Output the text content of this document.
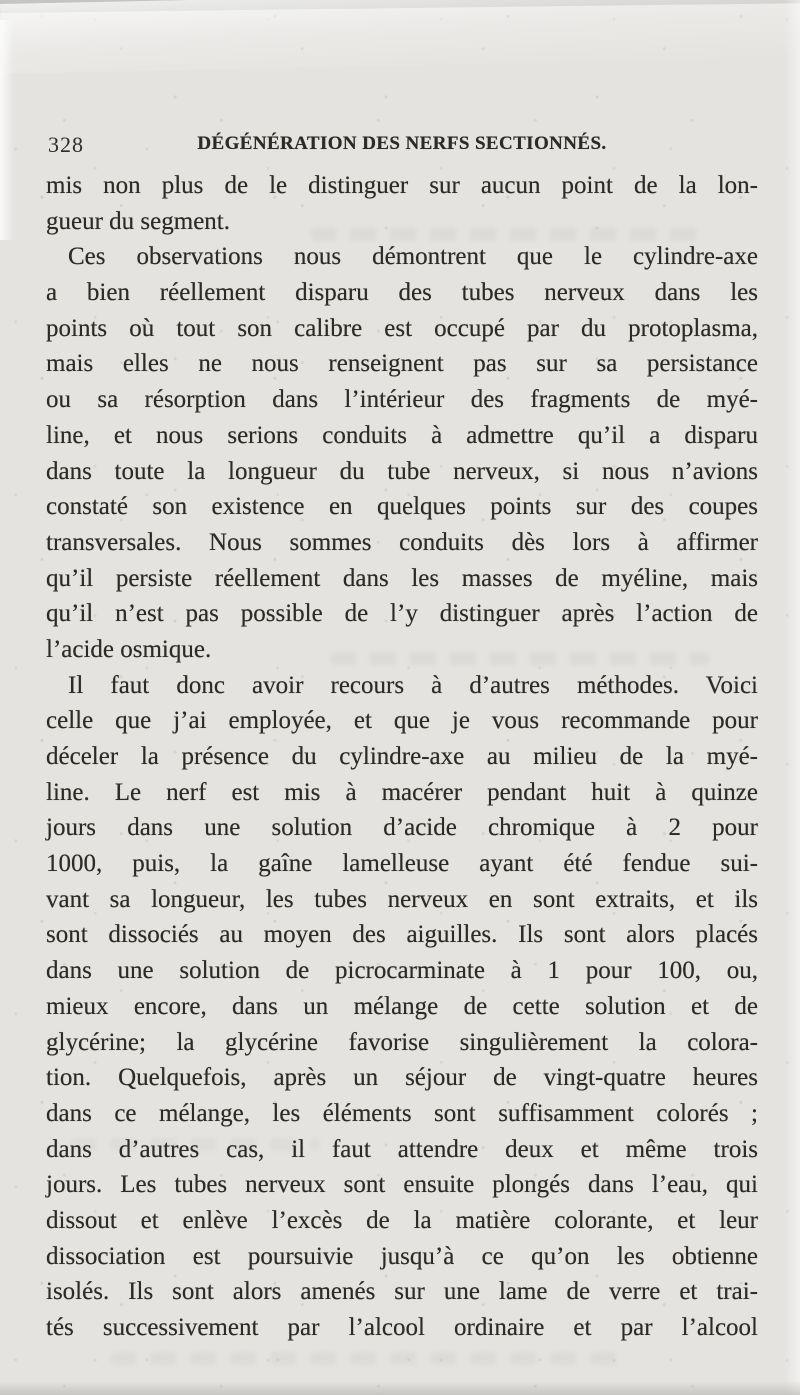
328	DÉGÉNÉRATION DES NERFS SECTIONNÉS.
mis non plus de le distinguer sur aucun point de la lon-
gueur du segment.
Ces observations nous démontrent que le cylindre-axe
a bien réellement disparu des tubes nerveux dans les
points où tout son calibre est occupé par du protoplasma,
mais elles ne nous renseignent pas sur sa persistance
ou sa résorption dans l’intérieur des fragments de myé-
line, et nous serions conduits à admettre qu’il a disparu
dans toute la longueur du tube nerveux, si nous n’avions
constaté son existence en quelques points sur des coupes
transversales. Nous sommes conduits dès lors à affirmer
qu’il persiste réellement dans les masses de myéline, mais
qu’il n’est pas possible de l’y distinguer après l’action de
l’acide osmique.
Il faut donc avoir recours à d’autres méthodes. Voici
celle que j’ai employée, et que je vous recommande pour
déceler la présence du cylindre-axe au milieu de la myé-
line. Le nerf est mis à macérer pendant huit à quinze
jours dans une solution d’acide chromique à 2 pour
1000, puis, la gaîne lamelleuse ayant été fendue sui-
vant sa longueur, les tubes nerveux en sont extraits, et ils
sont dissociés au moyen des aiguilles. Ils sont alors placés
dans une solution de picrocarminate à 1 pour 100, ou,
mieux encore, dans un mélange de cette solution et de
glycérine; la glycérine favorise singulièrement la colora-
tion. Quelquefois, après un séjour de vingt-quatre heures
dans ce mélange, les éléments sont suffisamment colorés ;
dans d’autres cas, il faut attendre deux et même trois
jours. Les tubes nerveux sont ensuite plongés dans l’eau, qui
dissout et enlève l’excès de la matière colorante, et leur
dissociation est poursuivie jusqu’à ce qu’on les obtienne
isolés. Ils sont alors amenés sur une lame de verre et trai-
tés successivement par l’alcool ordinaire et par l’alcool
